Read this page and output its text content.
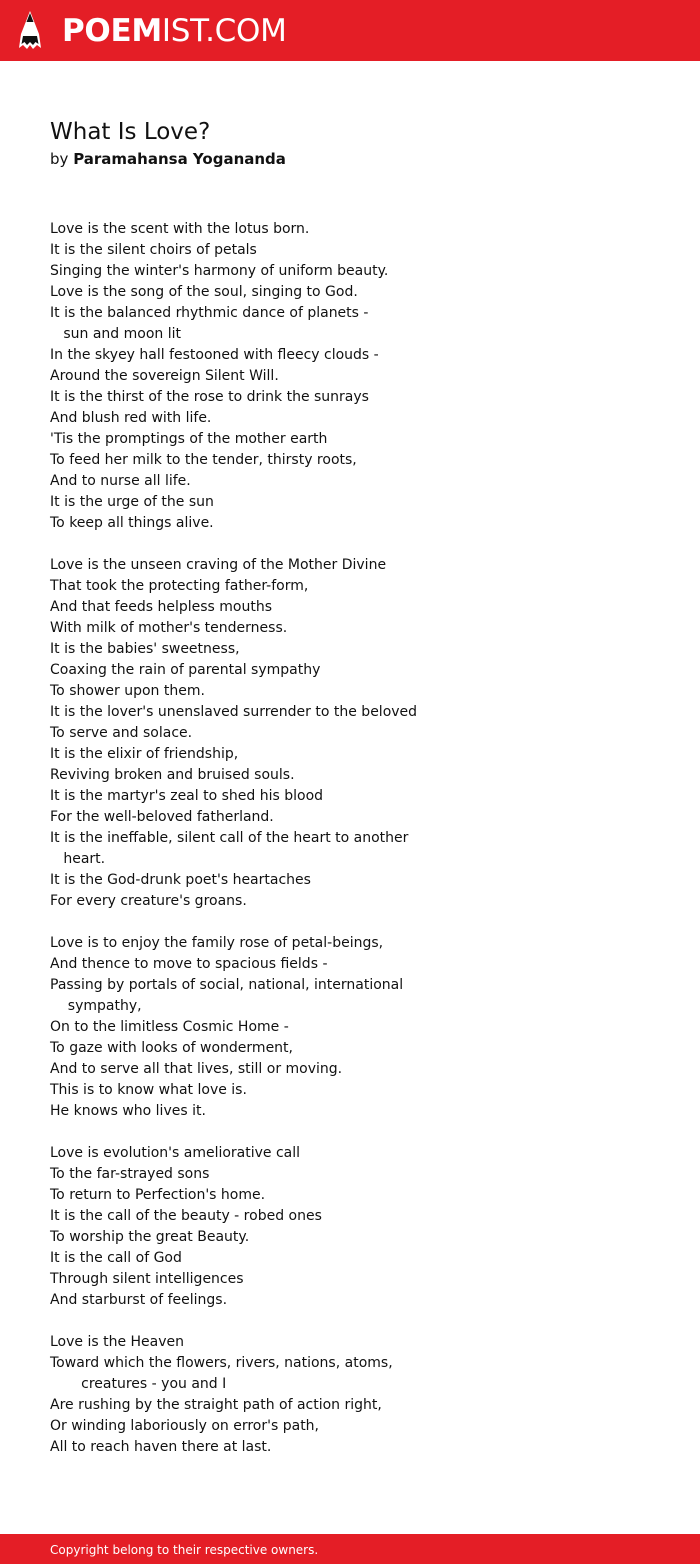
POEMIST.COM
What Is Love?
by Paramahansa Yogananda
Love is the scent with the lotus born.
It is the silent choirs of petals
Singing the winter's harmony of uniform beauty.
Love is the song of the soul, singing to God.
It is the balanced rhythmic dance of planets -
sun and moon lit
In the skyey hall festooned with fleecy clouds -
Around the sovereign Silent Will.
It is the thirst of the rose to drink the sunrays
And blush red with life.
'Tis the promptings of the mother earth
To feed her milk to the tender, thirsty roots,
And to nurse all life.
It is the urge of the sun
To keep all things alive.
Love is the unseen craving of the Mother Divine
That took the protecting father-form,
And that feeds helpless mouths
With milk of mother's tenderness.
It is the babies' sweetness,
Coaxing the rain of parental sympathy
To shower upon them.
It is the lover's unenslaved surrender to the beloved
To serve and solace.
It is the elixir of friendship,
Reviving broken and bruised souls.
It is the martyr's zeal to shed his blood
For the well-beloved fatherland.
It is the ineffable, silent call of the heart to another
heart.
It is the God-drunk poet's heartaches
For every creature's groans.
Love is to enjoy the family rose of petal-beings,
And thence to move to spacious fields -
Passing by portals of social, national, international
sympathy,
On to the limitless Cosmic Home -
To gaze with looks of wonderment,
And to serve all that lives, still or moving.
This is to know what love is.
He knows who lives it.
Love is evolution's ameliorative call
To the far-strayed sons
To return to Perfection's home.
It is the call of the beauty - robed ones
To worship the great Beauty.
It is the call of God
Through silent intelligences
And starburst of feelings.
Love is the Heaven
Toward which the flowers, rivers, nations, atoms,
creatures - you and I
Are rushing by the straight path of action right,
Or winding laboriously on error's path,
All to reach haven there at last.
Copyright belong to their respective owners.
